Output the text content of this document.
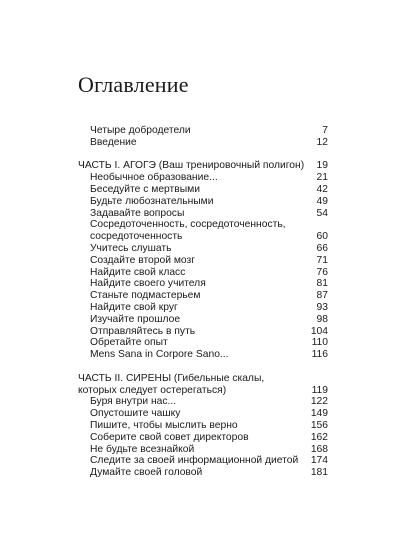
Оглавление
Четыре добродетели	7
Введение	12
ЧАСТЬ I. АГОГЭ (Ваш тренировочный полигон) 19
Необычное образование...	21
Беседуйте с мертвыми	42
Будьте любознательными	49
Задавайте вопросы	54
Сосредоточенность, сосредоточенность, сосредоточенность	60
Учитесь слушать	66
Создайте второй мозг	71
Найдите свой класс	76
Найдите своего учителя	81
Станьте подмастерьем	87
Найдите свой круг	93
Изучайте прошлое	98
Отправляйтесь в путь	104
Обретайте опыт	110
Mens Sana in Corpore Sano...	116
ЧАСТЬ II. СИРЕНЫ (Гибельные скалы, которых следует остерегаться)	119
Буря внутри нас...	122
Опустошите чашку	149
Пишите, чтобы мыслить верно	156
Соберите свой совет директоров	162
Не будьте всезнайкой	168
Следите за своей информационной диетой 174
Думайте своей головой	181
